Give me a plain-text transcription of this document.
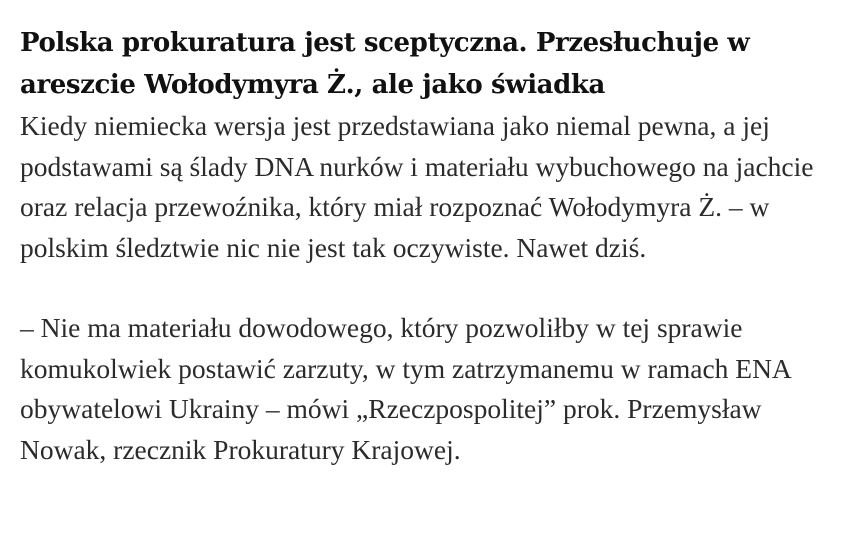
Polska prokuratura jest sceptyczna. Przesłuchuje w areszcie Wołodymyra Ż., ale jako świadka

Kiedy niemiecka wersja jest przedstawiana jako niemal pewna, a jej podstawami są ślady DNA nurków i materiału wybuchowego na jachcie oraz relacja przewoźnika, który miał rozpoznać Wołodymyra Ż. – w polskim śledztwie nic nie jest tak oczywiste. Nawet dziś.

– Nie ma materiału dowodowego, który pozwoliłby w tej sprawie komukolwiek postawić zarzuty, w tym zatrzymanemu w ramach ENA obywatelowi Ukrainy – mówi „Rzeczpospolitej” prok. Przemysław Nowak, rzecznik Prokuratury Krajowej.
